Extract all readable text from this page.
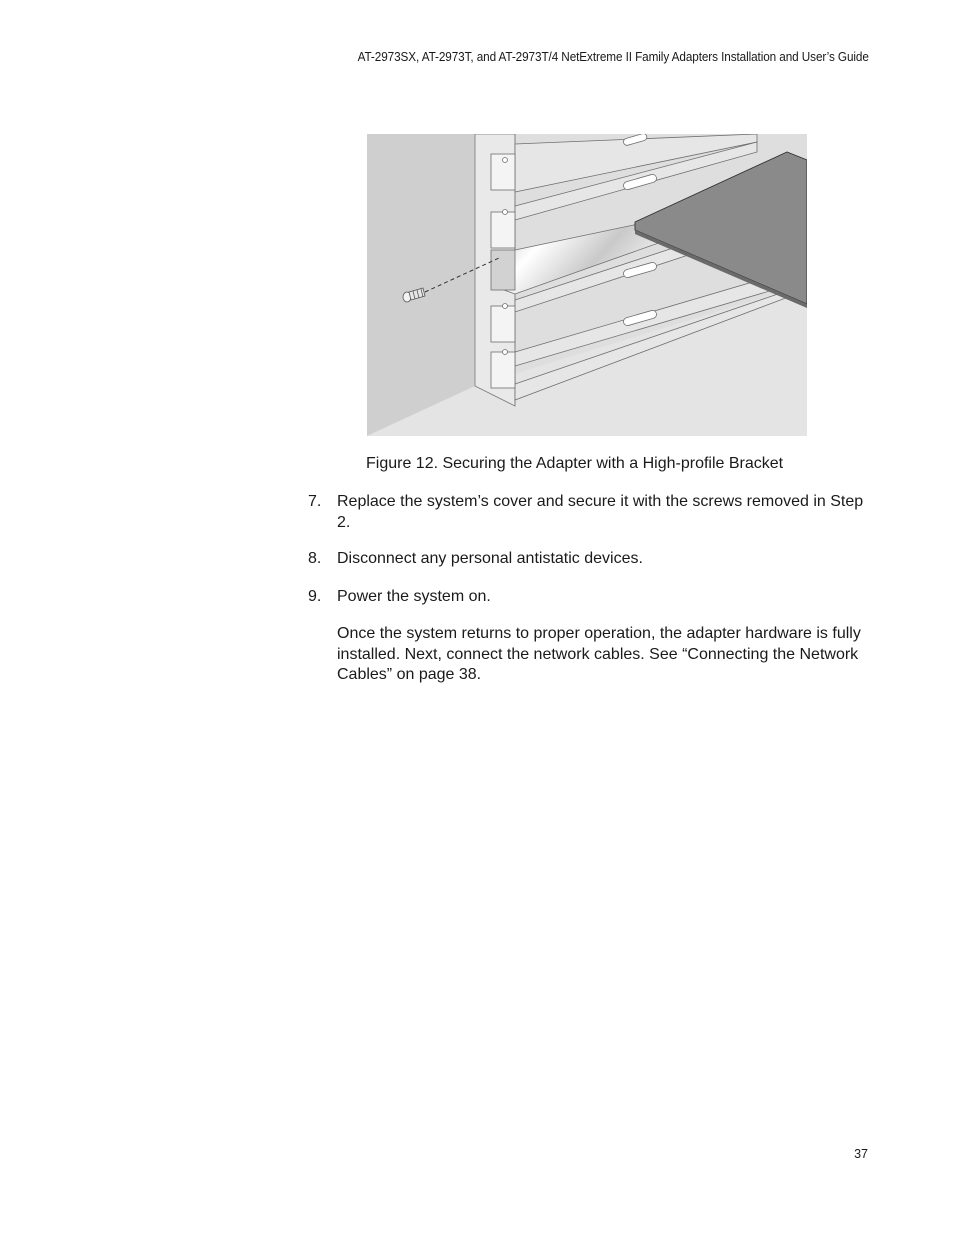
AT-2973SX, AT-2973T, and AT-2973T/4 NetExtreme II Family Adapters Installation and User’s Guide
Figure 12. Securing the Adapter with a High-profile Bracket
7. Replace the system’s cover and secure it with the screws removed in Step 2.
8. Disconnect any personal antistatic devices.
9. Power the system on.
Once the system returns to proper operation, the adapter hardware is fully installed. Next, connect the network cables. See “Connecting the Network Cables” on page 38.
37
